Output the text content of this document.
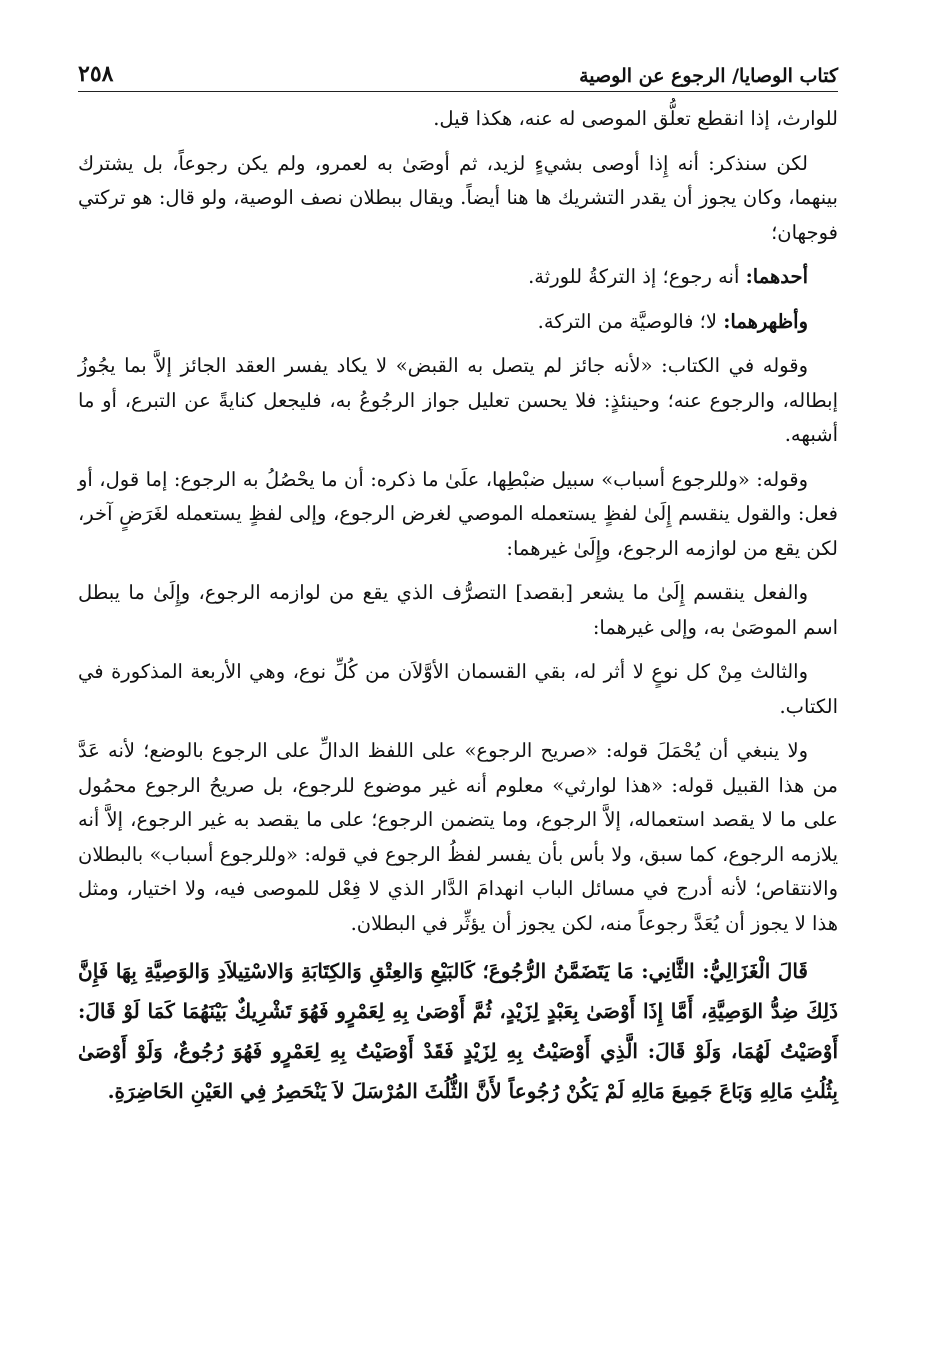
كتاب الوصايا/ الرجوع عن الوصية
٢٥٨

للوارث، إذا انقطع تعلُّق الموصى له عنه، هكذا قيل.

لكن سنذكر: أنه إِذا أوصى بشيءٍ لزيد، ثم أوصَىٰ به لعمرو، ولم يكن رجوعاً، بل يشترك بينهما، وكان يجوز أن يقدر التشريك ها هنا أيضاً. ويقال ببطلان نصف الوصية، ولو قال: هو تركتي فوجهان؛

أحدهما: أنه رجوع؛ إذ التركةُ للورثة.

وأظهرهما: لا؛ فالوصيَّة من التركة.

وقوله في الكتاب: «لأنه جائز لم يتصل به القبض» لا يكاد يفسر العقد الجائز إلاَّ بما يجُوزُ إبطاله، والرجوع عنه؛ وحينئذٍ: فلا يحسن تعليل جواز الرجُوعُ به، فليجعل كنايةً عن التبرع، أو ما أشبهه.

وقوله: «وللرجوع أسباب» سبيل ضبْطِها، علَىٰ ما ذكره: أن ما يحْصُلُ به الرجوع: إما قول، أو فعل: والقول ينقسم إِلَىٰ لفظٍ يستعمله الموصي لغرض الرجوع، وإلى لفظٍ يستعمله لغَرَضٍ آخر، لكن يقع من لوازمه الرجوع، وإِلَىٰ غيرهما:

والفعل ينقسم إِلَىٰ ما يشعر [بقصد] التصرُّف الذي يقع من لوازمه الرجوع، وإِلَىٰ ما يبطل اسم الموصَىٰ به، وإلى غيرهما:

والثالث مِنْ كل نوعٍ لا أثر له، بقي القسمان الأوَّلاَن من كُلِّ نوع، وهي الأربعة المذكورة في الكتاب.

ولا ينبغي أن يُحْمَلَ قوله: «صريح الرجوع» على اللفظ الدالِّ على الرجوع بالوضع؛ لأنه عَدَّ من هذا القبيل قوله: «هذا لوارثي» معلوم أنه غير موضوع للرجوع، بل صريحُ الرجوع محمُول على ما لا يقصد استعماله، إلاَّ الرجوع، وما يتضمن الرجوع؛ على ما يقصد به غير الرجوع، إلاَّ أنه يلازمه الرجوع، كما سبق، ولا بأس بأن يفسر لفظُ الرجوع في قوله: «وللرجوع أسباب» بالبطلان والانتقاص؛ لأنه أدرج في مسائل الباب انهدامَ الدَّار الذي لا فِعْل للموصى فيه، ولا اختيار، ومثل هذا لا يجوز أن يُعَدَّ رجوعاً منه، لكن يجوز أن يؤثِّر في البطلان.

قَالَ الْغَزَالِيُّ: الثَّانِي: مَا يَتَضَمَّنُ الرُّجُوعَ؛ كَالبَيْعِ وَالعِتْقِ وَالكِتَابَةِ وَالاسْتِيلاَدِ وَالوَصِيَّةِ بِهَا فَإِنَّ ذَلِكَ ضِدُّ الوَصِيَّةِ، أَمَّا إِذَا أَوْصَىٰ بِعَبْدٍ لِزَيْدٍ، ثُمَّ أَوْصَىٰ بِهِ لِعَمْرٍو فَهُوَ تَشْرِيكٌ بَيْنَهُمَا كَمَا لَوْ قَالَ: أَوْصَيْتُ لَهُمَا، وَلَوْ قَالَ: الَّذِي أَوْصَيْتُ بِهِ لِزَيْدٍ فَقَدْ أَوْصَيْتُ بِهِ لِعَمْرٍو فَهُوَ رُجُوعٌ، وَلَوْ أَوْصَىٰ بِثُلُثِ مَالِهِ وَبَاعَ جَمِيعَ مَالِهِ لَمْ يَكُنْ رُجُوعاً لأَنَّ الثُّلُثَ المُرْسَلَ لاَ يَنْحَصِرُ فِي العَيْنِ الحَاضِرَةِ.
